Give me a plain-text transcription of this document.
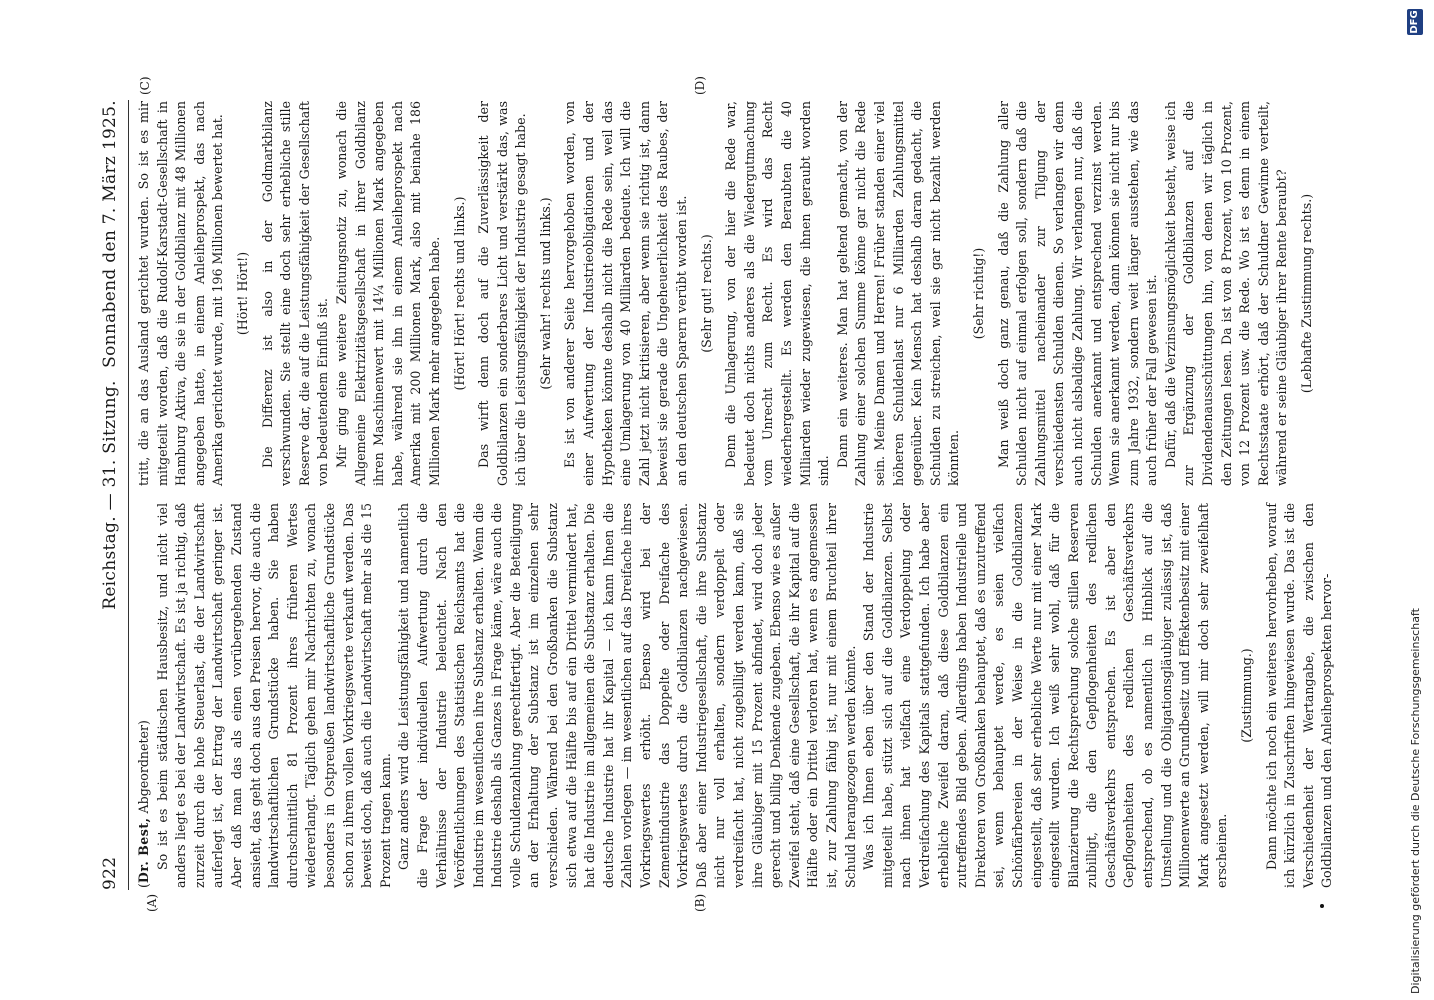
922
Reichstag. — 31. Sitzung.
Sonnabend den 7. März 1925.
(A)	(B)
(C)	(D)

(Dr. Best, Abgeordneter) So ist es beim städtischen Hausbesitz, und nicht viel anders liegt es bei der Landwirtschaft. Es ist ja richtig, daß zurzeit durch die hohe Steuerlast, die der Landwirtschaft auferlegt ist, der Ertrag der Landwirtschaft geringer ist. Aber daß man das als einen vorübergehenden Zustand ansieht, das geht doch aus den Preisen hervor, die auch die landwirtschaftlichen Grundstücke haben. Sie haben durchschnittlich 81 Prozent ihres früheren Wertes wiedererlangt. Täglich gehen mir Nachrichten zu, wonach besonders in Ostpreußen landwirtschaftliche Grundstücke schon zu ihrem vollen Vorkriegswerte verkauft werden. Das beweist doch, daß auch die Landwirtschaft mehr als die 15 Prozent tragen kann. Ganz anders wird die Leistungsfähigkeit und namentlich die Frage der individuellen Aufwertung durch die Verhältnisse der Industrie beleuchtet. Nach den Veröffentlichungen des Statistischen Reichsamts hat die Industrie im wesentlichen ihre Substanz erhalten. Wenn die Industrie deshalb als Ganzes in Frage käme, wäre auch die volle Schuldenzahlung gerechtfertigt. Aber die Beteiligung an der Erhaltung der Substanz ist im einzelnen sehr verschieden. Während bei den Großbanken die Substanz sich etwa auf die Hälfte bis auf ein Drittel vermindert hat, hat die Industrie im allgemeinen die Substanz erhalten. Die deutsche Industrie hat ihr Kapital — ich kann Ihnen die Zahlen vorlegen — im wesentlichen auf das Dreifache ihres Vorkriegswertes erhöht. Ebenso wird bei der Zementindustrie das Doppelte oder Dreifache des Vorkriegswertes durch die Goldbilanzen nachgewiesen. Daß aber einer Industriegesellschaft, die ihre Substanz nicht nur voll erhalten, sondern verdoppelt oder verdreifacht hat, nicht zugebilligt werden kann, daß sie ihre Gläubiger mit 15 Prozent abfindet, wird doch jeder gerecht und billig Denkende zugeben. Ebenso wie es außer Zweifel steht, daß eine Gesellschaft, die ihr Kapital auf die Hälfte oder ein Drittel verloren hat, wenn es angemessen ist, zur Zahlung fähig ist, nur mit einem Bruchteil ihrer Schuld herangezogen werden könnte. Was ich Ihnen eben über den Stand der Industrie mitgeteilt habe, stützt sich auf die Goldbilanzen. Selbst nach ihnen hat vielfach eine Verdoppelung oder Verdreifachung des Kapitals stattgefunden. Ich habe aber erhebliche Zweifel daran, daß diese Goldbilanzen ein zutreffendes Bild geben. Allerdings haben Industrielle und Direktoren von Großbanken behauptet, daß es unzutreffend sei, wenn behauptet werde, es seien vielfach Schönfärbereien in der Weise in die Goldbilanzen eingestellt, daß sehr erhebliche Werte nur mit einer Mark eingestellt wurden. Ich weiß sehr wohl, daß für die Bilanzierung die Rechtsprechung solche stillen Reserven zubilligt, die den Gepflogenheiten des redlichen Geschäftsverkehrs entsprechen. Es ist aber den Gepflogenheiten des redlichen Geschäftsverkehrs entsprechend, ob es namentlich in Hinblick auf die Umstellung und die Obligationsgläubiger zulässig ist, daß Millionenwerte an Grundbesitz und Effektenbesitz mit einer Mark angesetzt werden, will mir doch sehr zweifelhaft erscheinen.

(Zustimmung.) Dann möchte ich noch ein weiteres hervorheben, worauf ich kürzlich in Zuschriften hingewiesen wurde. Das ist die Verschiedenheit der Wertangabe, die zwischen den Goldbilanzen und den Anleiheprospekten hervor-

tritt, die an das Ausland gerichtet wurden. So ist es mir mitgeteilt worden, daß die Rudolf-Karstadt-Gesellschaft in Hamburg Aktiva, die sie in der Goldbilanz mit 48 Millionen angegeben hatte, in einem Anleiheprospekt, das nach Amerika gerichtet wurde, mit 196 Millionen bewertet hat. (Hört! Hört!) Die Differenz ist also in der Goldmarkbilanz verschwunden. Sie stellt eine doch sehr erhebliche stille Reserve dar, die auf die Leistungsfähigkeit der Gesellschaft von bedeutendem Einfluß ist. Mir ging eine weitere Zeitungsnotiz zu, wonach die Allgemeine Elektrizitätsgesellschaft in ihrer Goldbilanz ihren Maschinenwert mit 14¼ Millionen Mark angegeben habe, während sie ihn in einem Anleiheprospekt nach Amerika mit 200 Millionen Mark, also mit beinahe 186 Millionen Mark mehr angegeben habe. (Hört! Hört! rechts und links.) Das wirft denn doch auf die Zuverlässigkeit der Goldbilanzen ein sonderbares Licht und verstärkt das, was ich über die Leistungsfähigkeit der Industrie gesagt habe. (Sehr wahr! rechts und links.) Es ist von anderer Seite hervorgehoben worden, von einer Aufwertung der Industrieobligationen und der Hypotheken könnte deshalb nicht die Rede sein, weil das eine Umlagerung von 40 Milliarden bedeute. Ich will die Zahl jetzt nicht kritisieren, aber wenn sie richtig ist, dann beweist sie gerade die Ungeheuerlichkeit des Raubes, der an den deutschen Sparern verübt worden ist. (Sehr gut! rechts.) Denn die Umlagerung, von der hier die Rede war, bedeutet doch nichts anderes als die Wiedergutmachung vom Unrecht zum Recht. Es wird das Recht wiederhergestellt. Es werden den Beraubten die 40 Milliarden wieder zugewiesen, die ihnen geraubt worden sind.

Dann ein weiteres. Man hat geltend gemacht, von der Zahlung einer solchen Summe könne gar nicht die Rede sein. Meine Damen und Herren! Früher standen einer viel höheren Schuldenlast nur 6 Milliarden Zahlungsmittel gegenüber. Kein Mensch hat deshalb daran gedacht, die Schulden zu streichen, weil sie gar nicht bezahlt werden könnten.

(Sehr richtig!) Man weiß doch ganz genau, daß die Zahlung aller Schulden nicht auf einmal erfolgen soll, sondern daß die Zahlungsmittel nacheinander zur Tilgung der verschiedensten Schulden dienen. So verlangen wir denn auch nicht alsbaldige Zahlung. Wir verlangen nur, daß die Schulden anerkannt und entsprechend verzinst werden. Wenn sie anerkannt werden, dann können sie nicht nur bis zum Jahre 1932, sondern weit länger ausstehen, wie das auch früher der Fall gewesen ist. Dafür, daß die Verzinsungsmöglichkeit besteht, weise ich zur Ergänzung der Goldbilanzen auf die Dividendenausschüttungen hin, von denen wir täglich in den Zeitungen lesen. Da ist von 8 Prozent, von 10 Prozent, von 12 Prozent usw. die Rede. Wo ist es denn in einem Rechtsstaate erhört, daß der Schuldner Gewinne verteilt, während er seine Gläubiger ihrer Rente beraubt? (Lebhafte Zustimmung rechts.)

Digitalisierung gefördert durch die Deutsche Forschungsgemeinschaft
DFG
